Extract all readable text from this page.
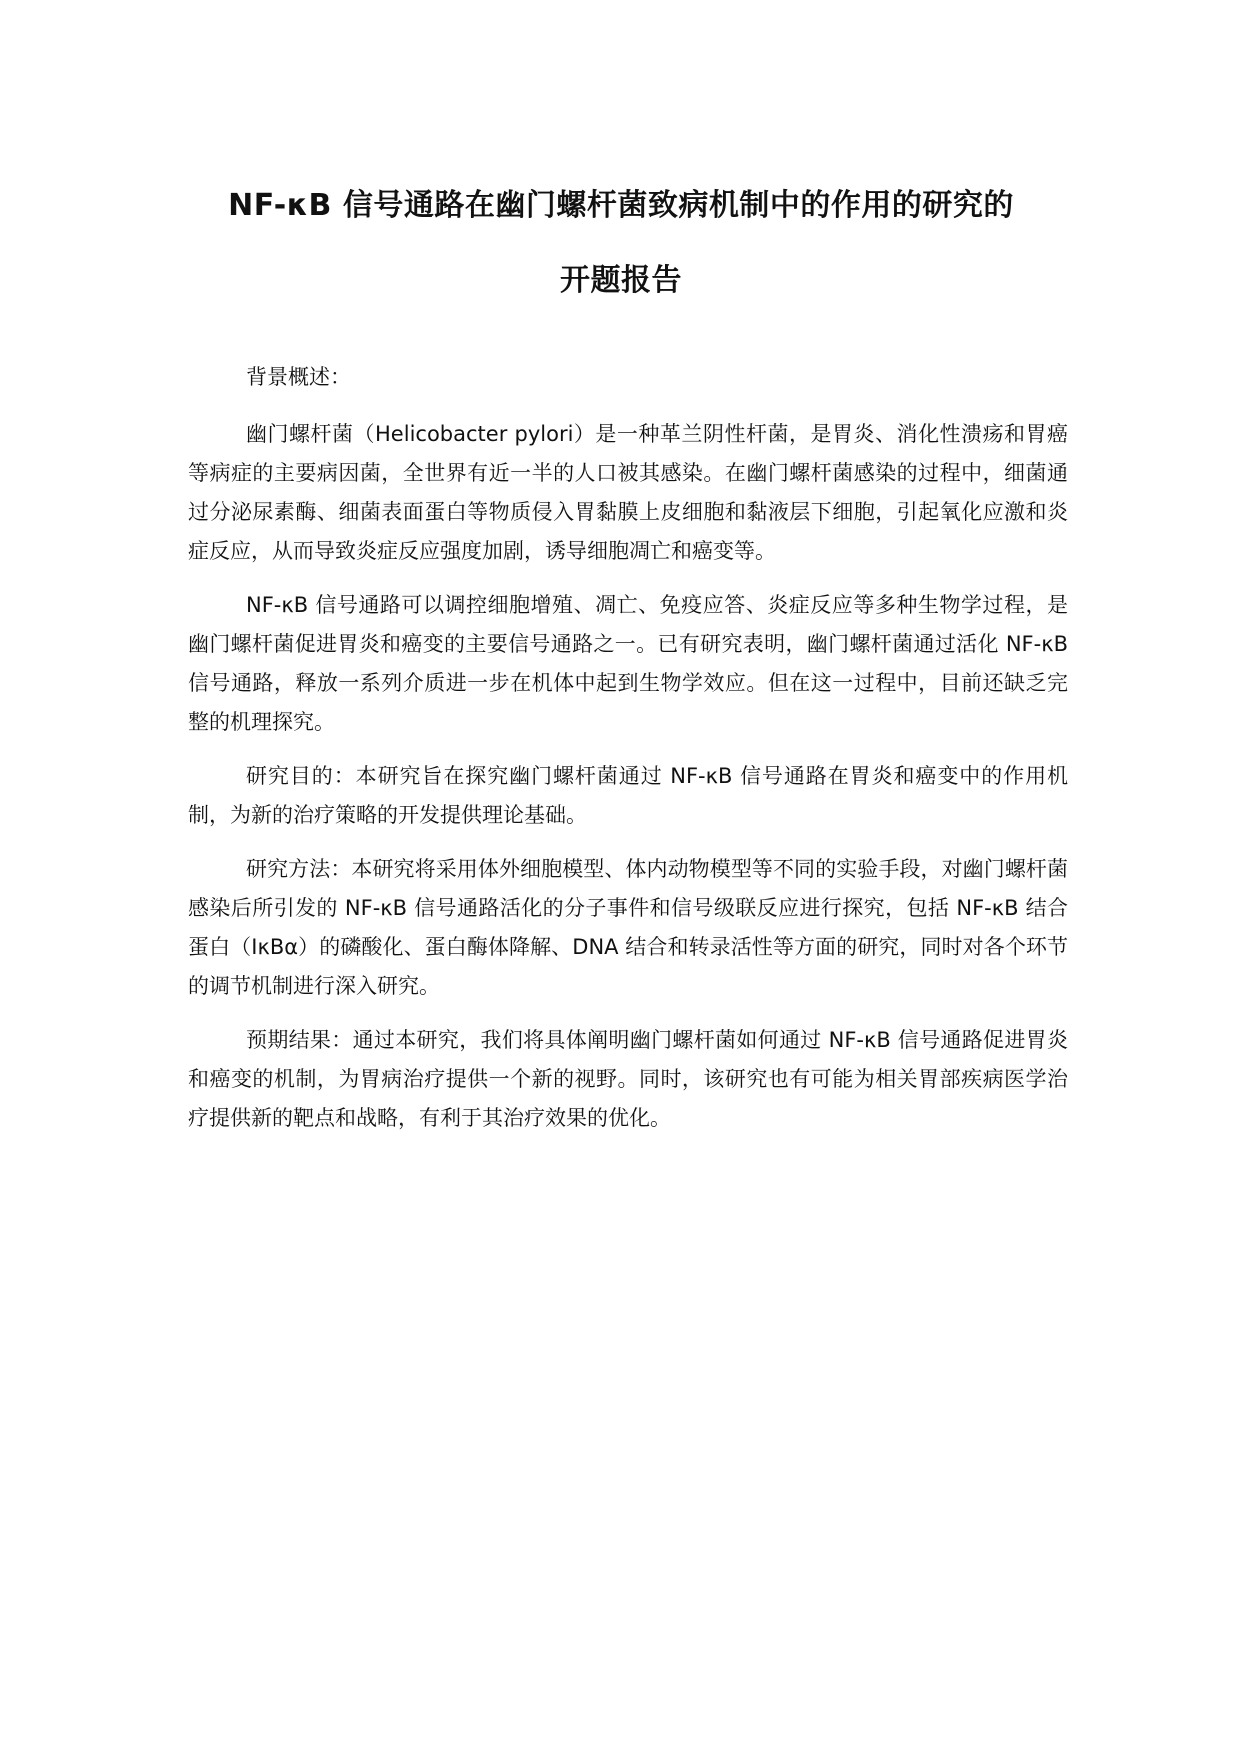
NF-κB 信号通路在幽门螺杆菌致病机制中的作用的研究的
开题报告

背景概述：

幽门螺杆菌（Helicobacter pylori）是一种革兰阴性杆菌，是胃炎、消化性溃疡和胃癌等病症的主要病因菌，全世界有近一半的人口被其感染。在幽门螺杆菌感染的过程中，细菌通过分泌尿素酶、细菌表面蛋白等物质侵入胃黏膜上皮细胞和黏液层下细胞，引起氧化应激和炎症反应，从而导致炎症反应强度加剧，诱导细胞凋亡和癌变等。

NF-κB 信号通路可以调控细胞增殖、凋亡、免疫应答、炎症反应等多种生物学过程，是幽门螺杆菌促进胃炎和癌变的主要信号通路之一。已有研究表明，幽门螺杆菌通过活化 NF-κB 信号通路，释放一系列介质进一步在机体中起到生物学效应。但在这一过程中，目前还缺乏完整的机理探究。

研究目的：本研究旨在探究幽门螺杆菌通过 NF-κB 信号通路在胃炎和癌变中的作用机制，为新的治疗策略的开发提供理论基础。

研究方法：本研究将采用体外细胞模型、体内动物模型等不同的实验手段，对幽门螺杆菌感染后所引发的 NF-κB 信号通路活化的分子事件和信号级联反应进行探究，包括 NF-κB 结合蛋白（IκBα）的磷酸化、蛋白酶体降解、DNA 结合和转录活性等方面的研究，同时对各个环节的调节机制进行深入研究。

预期结果：通过本研究，我们将具体阐明幽门螺杆菌如何通过 NF-κB 信号通路促进胃炎和癌变的机制，为胃病治疗提供一个新的视野。同时，该研究也有可能为相关胃部疾病医学治疗提供新的靶点和战略，有利于其治疗效果的优化。
